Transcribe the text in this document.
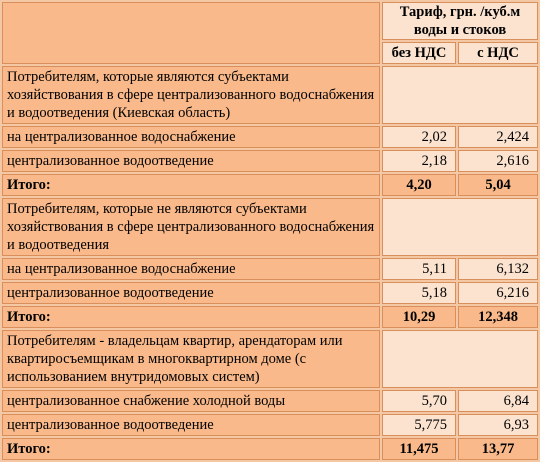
	Тариф, грн. /куб.м воды и стоков	
	без НДС	с НДС
Потребителям, которые являются субъектами хозяйствования в сфере централизованного водоснабжения и водоотведения (Киевская область)		
на централизованное водоснабжение	2,02	2,424
централизованное водоотведение	2,18	2,616
Итого:	4,20	5,04
Потребителям, которые не являются субъектами хозяйствования в сфере централизованного водоснабжения и водоотведения		
на централизованное водоснабжение	5,11	6,132
централизованное водоотведение	5,18	6,216
Итого:	10,29	12,348
Потребителям - владельцам квартир, арендаторам или квартиросъемщикам в многоквартирном доме (с использованием внутридомовых систем)		
централизованное снабжение холодной воды	5,70	6,84
централизованное водоотведение	5,775	6,93
Итого:	11,475	13,77
